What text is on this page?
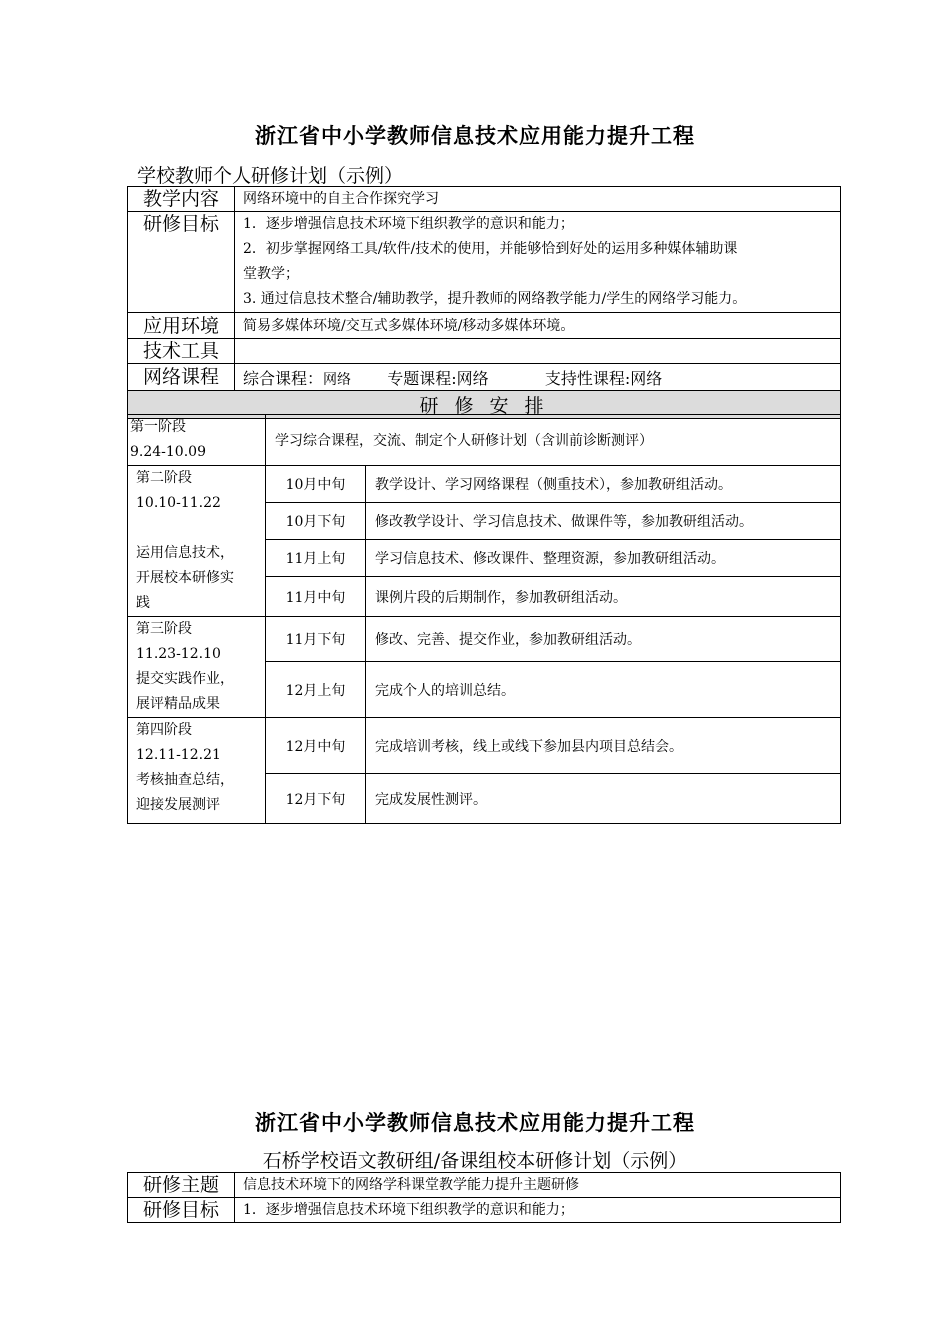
浙江省中小学教师信息技术应用能力提升工程
学校教师个人研修计划（示例）
教学内容	网络环境中的自主合作探究学习
研修目标	1．逐步增强信息技术环境下组织教学的意识和能力；
2．初步掌握网络工具/软件/技术的使用，并能够恰到好处的运用多种媒体辅助课
堂教学；
3. 通过信息技术整合/辅助教学，提升教师的网络教学能力/学生的网络学习能力。

应用环境	简易多媒体环境/交互式多媒体环境/移动多媒体环境。
技术工具	
网络课程	综合课程：网络 专题课程:网络 支持性课程:网络
研 修 安 排	
第一阶段
9.24-10.09	学习综合课程，交流、制定个人研修计划（含训前诊断测评）	

第二阶段
10.10-11.22
运用信息技术，
开展校本研修实
践	10月中旬	教学设计、学习网络课程（侧重技术），参加教研组活动。
	10月下旬	修改教学设计、学习信息技术、做课件等，参加教研组活动。
	11月上旬	学习信息技术、修改课件、整理资源，参加教研组活动。
	11月中旬	课例片段的后期制作，参加教研组活动。

第三阶段
11.23-12.10
提交实践作业，
展评精品成果	11月下旬	修改、完善、提交作业，参加教研组活动。
	12月上旬	完成个人的培训总结。

第四阶段
12.11-12.21
考核抽查总结，
迎接发展测评	12月中旬	完成培训考核，线上或线下参加县内项目总结会。
	12月下旬	完成发展性测评。
浙江省中小学教师信息技术应用能力提升工程
石桥学校语文教研组/备课组校本研修计划（示例）
研修主题	信息技术环境下的网络学科课堂教学能力提升主题研修
研修目标	1．逐步增强信息技术环境下组织教学的意识和能力；
